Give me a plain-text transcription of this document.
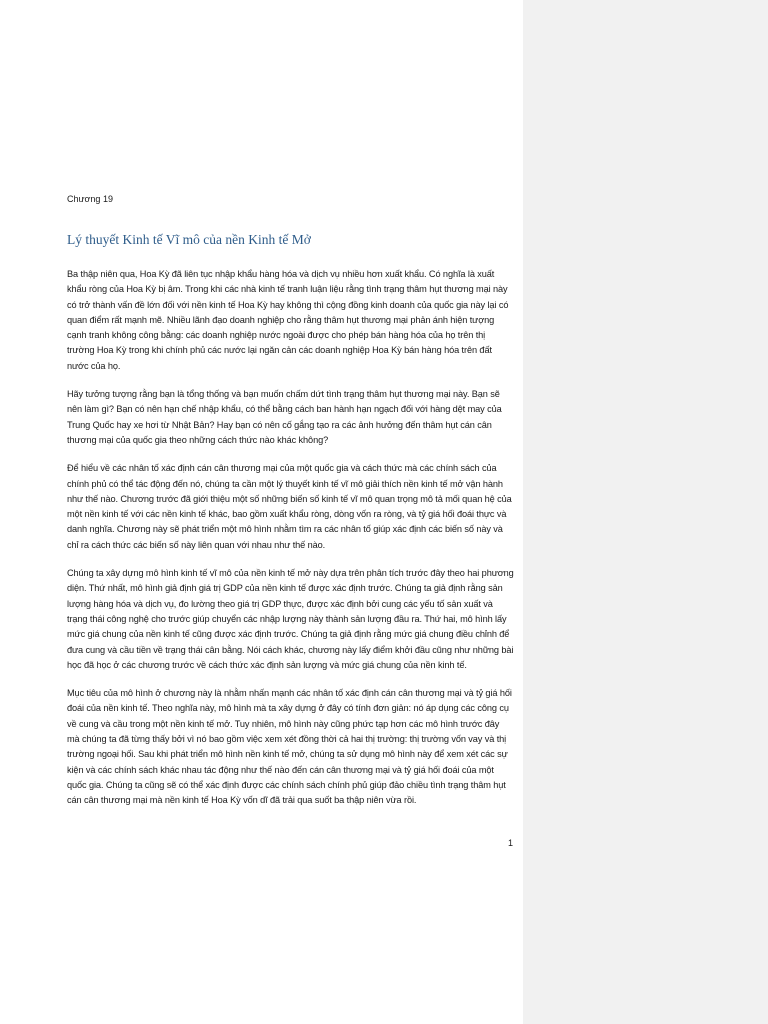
Chương 19

Lý thuyết Kinh tế Vĩ mô của nền Kinh tế Mở

Ba thập niên qua, Hoa Kỳ đã liên tục nhập khẩu hàng hóa và dịch vụ nhiều hơn xuất khẩu. Có nghĩa là xuất khẩu ròng của Hoa Kỳ bị âm. Trong khi các nhà kinh tế tranh luận liệu rằng tình trạng thâm hụt thương mại này có trở thành vấn đề lớn đối với nền kinh tế Hoa Kỳ hay không thì cộng đồng kinh doanh của quốc gia này lại có quan điểm rất mạnh mẽ. Nhiều lãnh đạo doanh nghiệp cho rằng thâm hụt thương mại phản ánh hiện tượng cạnh tranh không công bằng: các doanh nghiệp nước ngoài được cho phép bán hàng hóa của họ trên thị trường Hoa Kỳ trong khi chính phủ các nước lại ngăn cản các doanh nghiệp Hoa Kỳ bán hàng hóa trên đất nước của họ.

Hãy tưởng tượng rằng bạn là tổng thống và bạn muốn chấm dứt tình trạng thâm hụt thương mại này. Bạn sẽ nên làm gì? Bạn có nên hạn chế nhập khẩu, có thể bằng cách ban hành hạn ngạch đối với hàng dệt may của Trung Quốc hay xe hơi từ Nhật Bản? Hay bạn có nên cố gắng tạo ra các ảnh hưởng đến thâm hụt cán cân thương mại của quốc gia theo những cách thức nào khác không?

Để hiểu về các nhân tố xác định cán cân thương mại của một quốc gia và cách thức mà các chính sách của chính phủ có thể tác động đến nó, chúng ta cần một lý thuyết kinh tế vĩ mô giải thích nền kinh tế mở vận hành như thế nào. Chương trước đã giới thiệu một số những biến số kinh tế vĩ mô quan trọng mô tả mối quan hệ của một nền kinh tế với các nền kinh tế khác, bao gồm xuất khẩu ròng, dòng vốn ra ròng, và tỷ giá hối đoái thực và danh nghĩa. Chương này sẽ phát triển một mô hình nhằm tìm ra các nhân tố giúp xác định các biến số này và chỉ ra cách thức các biến số này liên quan với nhau như thế nào.

Chúng ta xây dựng mô hình kinh tế vĩ mô của nền kinh tế mở này dựa trên phân tích trước đây theo hai phương diện. Thứ nhất, mô hình giả định giá trị GDP của nền kinh tế được xác định trước. Chúng ta giả định rằng sản lượng hàng hóa và dịch vụ, đo lường theo giá trị GDP thực, được xác định bởi cung các yếu tố sản xuất và trạng thái công nghệ cho trước giúp chuyển các nhập lượng này thành sản lượng đầu ra. Thứ hai, mô hình lấy mức giá chung của nền kinh tế cũng được xác định trước. Chúng ta giả định rằng mức giá chung điều chỉnh để đưa cung và cầu tiền về trạng thái cân bằng. Nói cách khác, chương này lấy điểm khởi đầu cũng như những bài học đã học ở các chương trước về cách thức xác định sản lượng và mức giá chung của nền kinh tế.

Mục tiêu của mô hình ở chương này là nhằm nhấn mạnh các nhân tố xác định cán cân thương mại và tỷ giá hối đoái của nền kinh tế. Theo nghĩa này, mô hình mà ta xây dựng ở đây có tính đơn giản: nó áp dụng các công cụ về cung và cầu trong một nền kinh tế mở. Tuy nhiên, mô hình này cũng phức tạp hơn các mô hình trước đây mà chúng ta đã từng thấy bởi vì nó bao gồm việc xem xét đồng thời cả hai thị trường: thị trường vốn vay và thị trường ngoại hối. Sau khi phát triển mô hình nền kinh tế mở, chúng ta sử dụng mô hình này để xem xét các sự kiện và các chính sách khác nhau tác động như thế nào đến cán cân thương mại và tỷ giá hối đoái của một quốc gia. Chúng ta cũng sẽ có thể xác định được các chính sách chính phủ giúp đảo chiều tình trạng thâm hụt cán cân thương mại mà nền kinh tế Hoa Kỳ vốn dĩ đã trải qua suốt ba thập niên vừa rồi.

1
